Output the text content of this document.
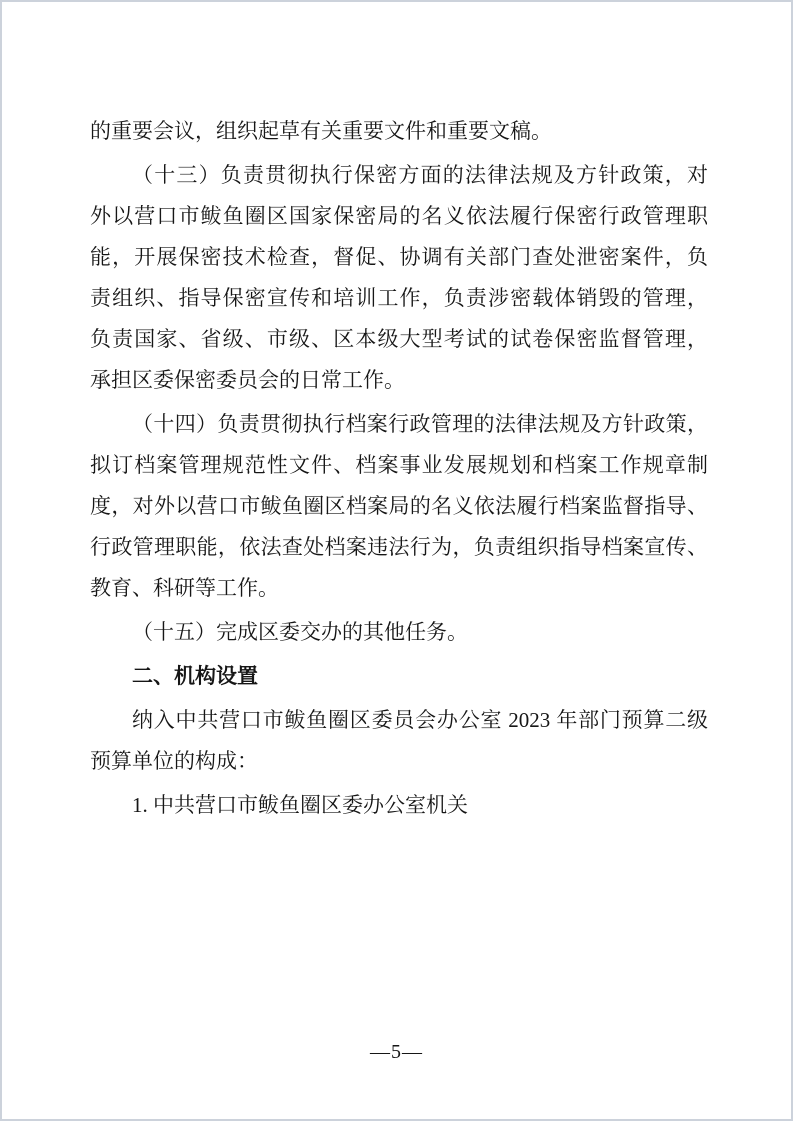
的重要会议，组织起草有关重要文件和重要文稿。
（十三）负责贯彻执行保密方面的法律法规及方针政策，对
外以营口市鲅鱼圈区国家保密局的名义依法履行保密行政管理职
能，开展保密技术检查，督促、协调有关部门查处泄密案件，负
责组织、指导保密宣传和培训工作，负责涉密载体销毁的管理，
负责国家、省级、市级、区本级大型考试的试卷保密监督管理，
承担区委保密委员会的日常工作。
（十四）负责贯彻执行档案行政管理的法律法规及方针政策，
拟订档案管理规范性文件、档案事业发展规划和档案工作规章制
度，对外以营口市鲅鱼圈区档案局的名义依法履行档案监督指导、
行政管理职能，依法查处档案违法行为，负责组织指导档案宣传、
教育、科研等工作。
（十五）完成区委交办的其他任务。
二、机构设置
纳入中共营口市鲅鱼圈区委员会办公室 2023 年部门预算二级
预算单位的构成：
1. 中共营口市鲅鱼圈区委办公室机关
—5—
